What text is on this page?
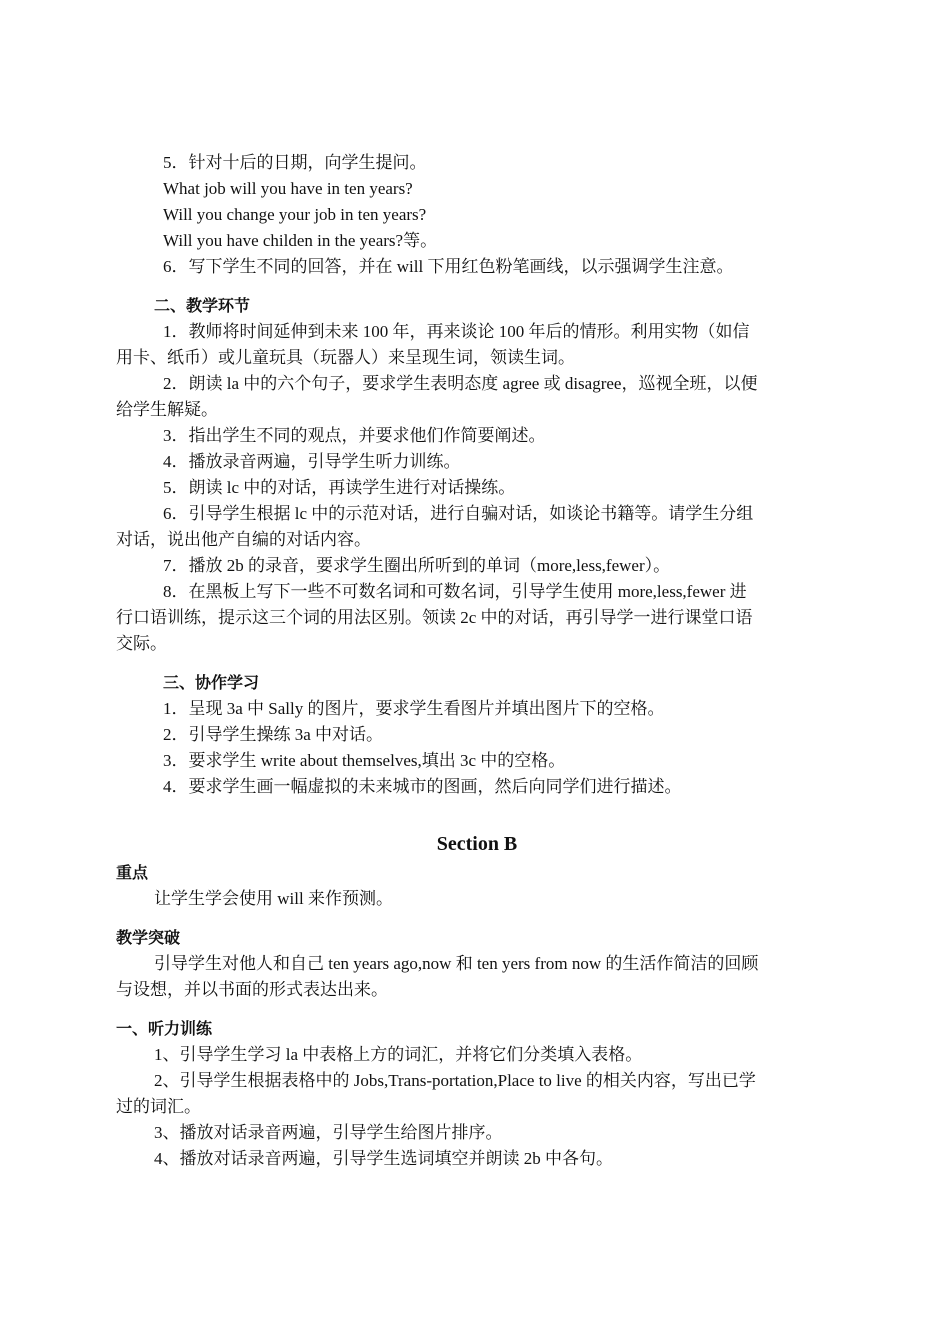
5．针对十后的日期，向学生提问。
What job will you have in ten years?
Will you change your job in ten years?
Will you have childen in the years?等。
6．写下学生不同的回答，并在 will 下用红色粉笔画线，以示强调学生注意。
二、教学环节
1．教师将时间延伸到未来 100 年，再来谈论 100 年后的情形。利用实物（如信
用卡、纸币）或儿童玩具（玩器人）来呈现生词，领读生词。
2．朗读 la 中的六个句子，要求学生表明态度 agree 或 disagree，巡视全班，以便
给学生解疑。
3．指出学生不同的观点，并要求他们作简要阐述。
4．播放录音两遍，引导学生听力训练。
5．朗读 lc 中的对话，再读学生进行对话操练。
6．引导学生根据 lc 中的示范对话，进行自骗对话，如谈论书籍等。请学生分组
对话，说出他产自编的对话内容。
7．播放 2b 的录音，要求学生圈出所听到的单词（more,less,fewer）。
8．在黑板上写下一些不可数名词和可数名词，引导学生使用 more,less,fewer 进
行口语训练，提示这三个词的用法区别。领读 2c 中的对话，再引导学一进行课堂口语
交际。
三、协作学习
1．呈现 3a 中 Sally 的图片，要求学生看图片并填出图片下的空格。
2．引导学生操练 3a 中对话。
3．要求学生 write about themselves,填出 3c 中的空格。
4．要求学生画一幅虚拟的未来城市的图画，然后向同学们进行描述。
Section B
重点
让学生学会使用 will 来作预测。
教学突破
引导学生对他人和自己 ten years ago,now 和 ten yers from now 的生活作简洁的回顾
与设想，并以书面的形式表达出来。
一、听力训练
1、引导学生学习 la 中表格上方的词汇，并将它们分类填入表格。
2、引导学生根据表格中的 Jobs,Trans-portation,Place to live 的相关内容，写出已学
过的词汇。
3、播放对话录音两遍，引导学生给图片排序。
4、播放对话录音两遍，引导学生选词填空并朗读 2b 中各句。
